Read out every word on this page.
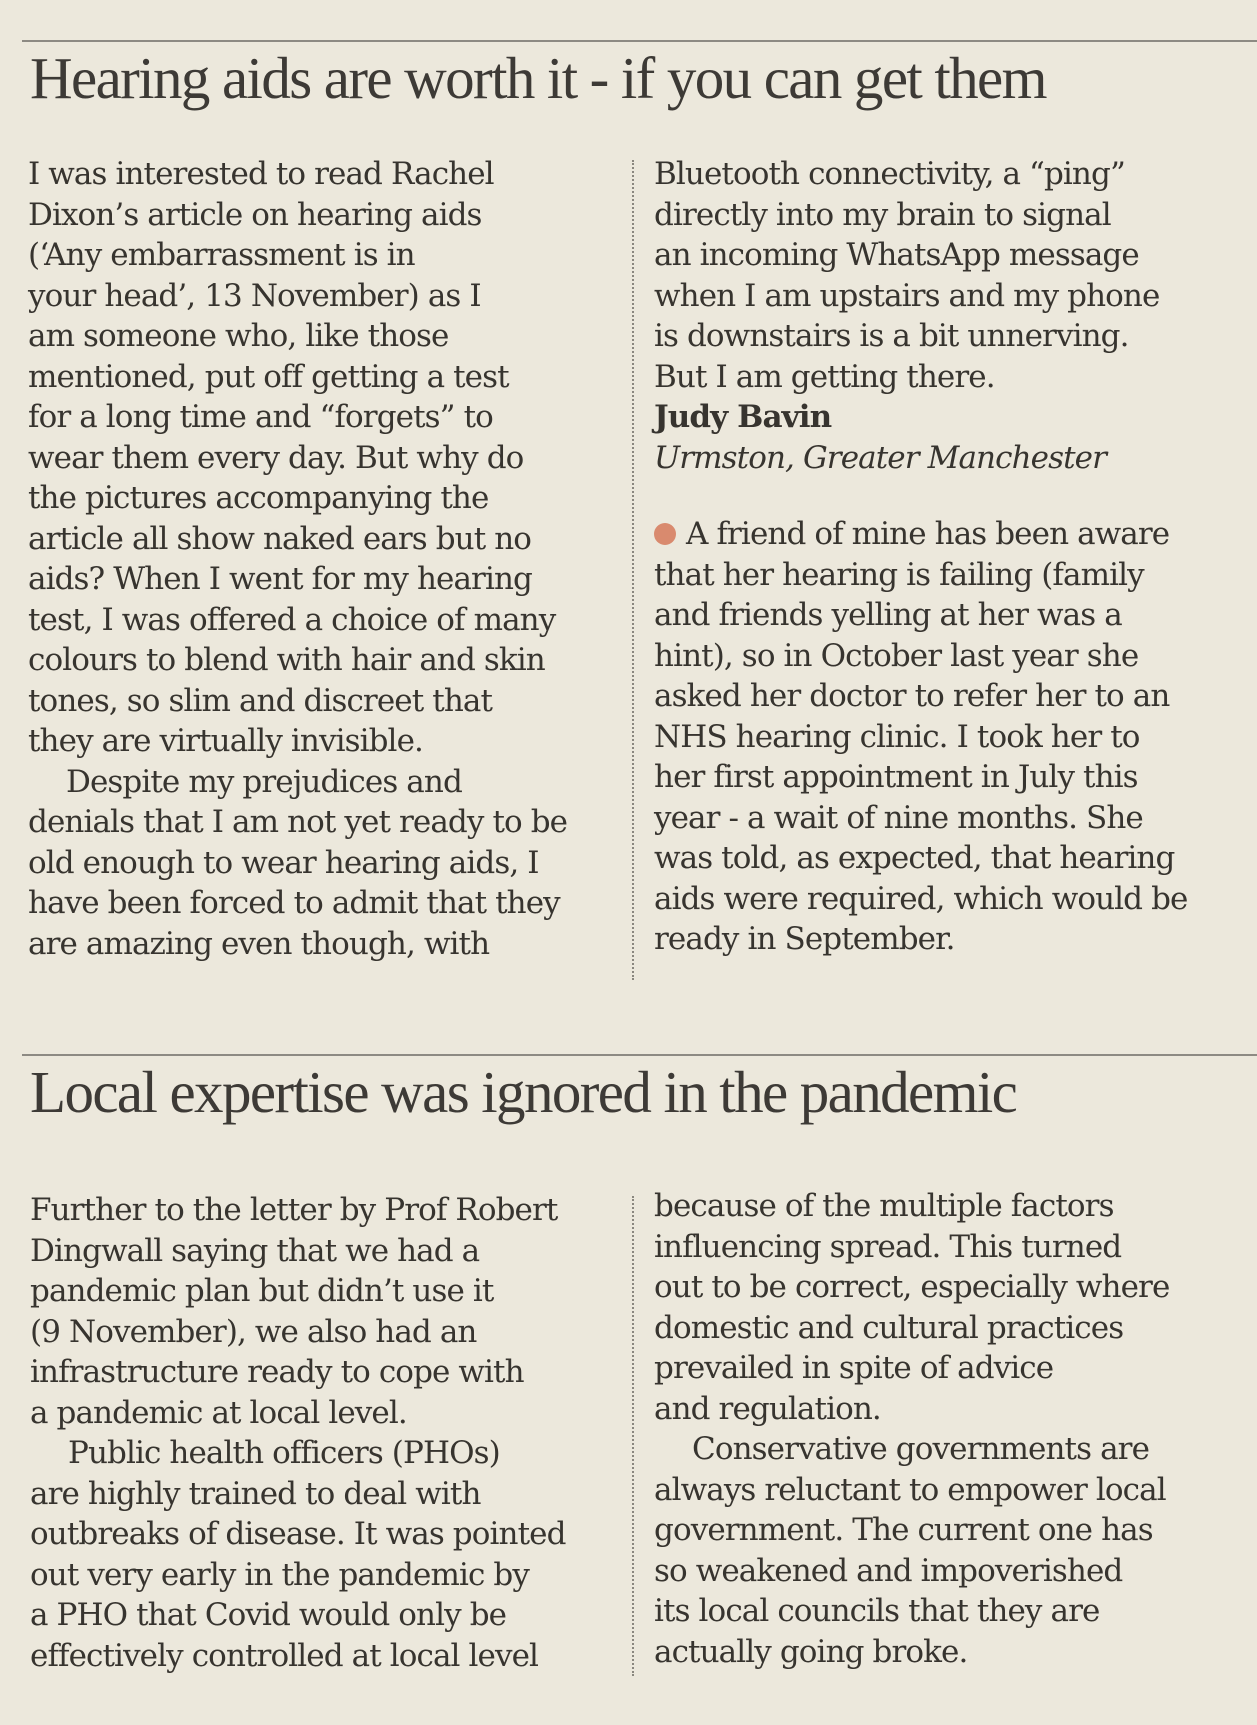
Hearing aids are worth it - if you can get them

I was interested to read Rachel
Dixon’s article on hearing aids
(‘Any embarrassment is in
your head’, 13 November) as I
am someone who, like those
mentioned, put off getting a test
for a long time and “forgets” to
wear them every day. But why do
the pictures accompanying the
article all show naked ears but no
aids? When I went for my hearing
test, I was offered a choice of many
colours to blend with hair and skin
tones, so slim and discreet that
they are virtually invisible.

Despite my prejudices and
denials that I am not yet ready to be
old enough to wear hearing aids, I
have been forced to admit that they
are amazing even though, with

Bluetooth connectivity, a “ping”
directly into my brain to signal
an incoming WhatsApp message
when I am upstairs and my phone
is downstairs is a bit unnerving.
But I am getting there.

Judy Bavin
Urmston, Greater Manchester

A friend of mine has been aware
that her hearing is failing (family
and friends yelling at her was a
hint), so in October last year she
asked her doctor to refer her to an
NHS hearing clinic. I took her to
her first appointment in July this
year - a wait of nine months. She
was told, as expected, that hearing
aids were required, which would be
ready in September.

Local expertise was ignored in the pandemic

Further to the letter by Prof Robert
Dingwall saying that we had a
pandemic plan but didn’t use it
(9 November), we also had an
infrastructure ready to cope with
a pandemic at local level.

Public health officers (PHOs)
are highly trained to deal with
outbreaks of disease. It was pointed
out very early in the pandemic by
a PHO that Covid would only be
effectively controlled at local level

because of the multiple factors
influencing spread. This turned
out to be correct, especially where
domestic and cultural practices
prevailed in spite of advice
and regulation.

Conservative governments are
always reluctant to empower local
government. The current one has
so weakened and impoverished
its local councils that they are
actually going broke.
